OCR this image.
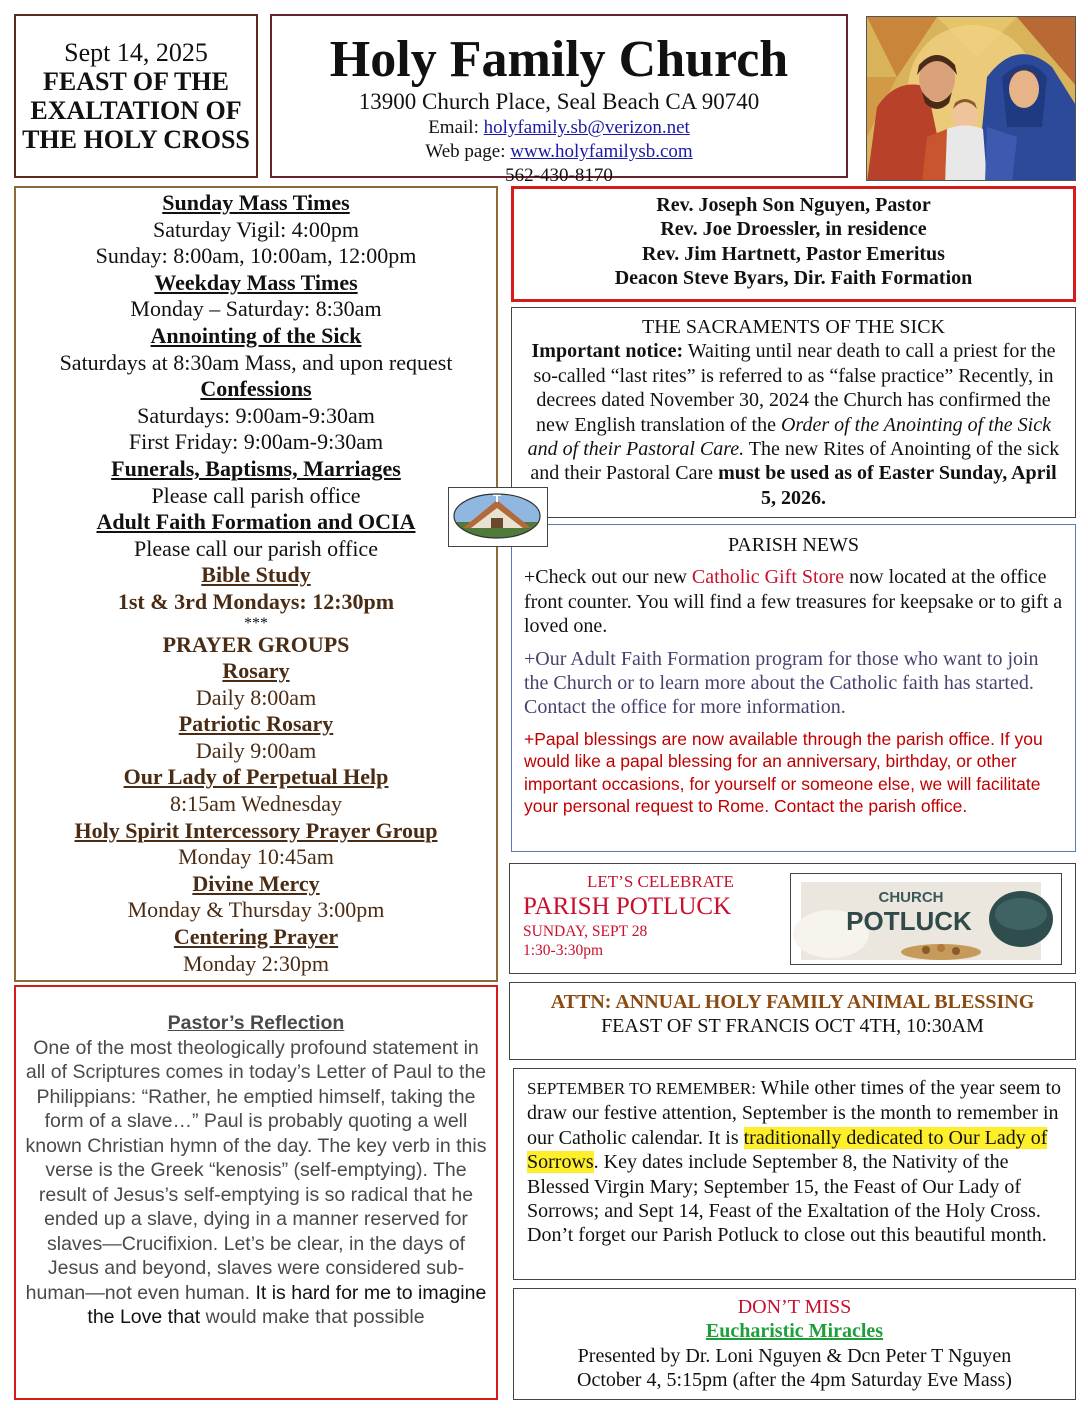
Sept 14, 2025
FEAST OF THE
EXALTATION OF
THE HOLY CROSS
Holy Family Church
13900 Church Place, Seal Beach CA 90740
Email: holyfamily.sb@verizon.net
Web page: www.holyfamilysb.com
562-430-8170
Sunday Mass Times
Saturday Vigil: 4:00pm
Sunday: 8:00am, 10:00am, 12:00pm
Weekday Mass Times
Monday – Saturday: 8:30am
Annointing of the Sick
Saturdays at 8:30am Mass, and upon request
Confessions
Saturdays: 9:00am-9:30am
First Friday: 9:00am-9:30am
Funerals, Baptisms, Marriages
Please call parish office
Adult Faith Formation and OCIA
Please call our parish office
Bible Study
1st & 3rd Mondays: 12:30pm
***
PRAYER GROUPS
Rosary
Daily 8:00am
Patriotic Rosary
Daily 9:00am
Our Lady of Perpetual Help
8:15am Wednesday
Holy Spirit Intercessory Prayer Group
Monday 10:45am
Divine Mercy
Monday & Thursday 3:00pm
Centering Prayer
Monday 2:30pm
Rev. Joseph Son Nguyen, Pastor
Rev. Joe Droessler, in residence
Rev. Jim Hartnett, Pastor Emeritus
Deacon Steve Byars, Dir. Faith Formation
THE SACRAMENTS OF THE SICK
Important notice: Waiting until near death to call a priest for the so-called “last rites” is referred to as “false practice” Recently, in decrees dated November 30, 2024 the Church has confirmed the new English translation of the Order of the Anointing of the Sick and of their Pastoral Care. The new Rites of Anointing of the sick and their Pastoral Care must be used as of Easter Sunday, April 5, 2026.
PARISH NEWS
+Check out our new Catholic Gift Store now located at the office front counter. You will find a few treasures for keepsake or to gift a loved one.
+Our Adult Faith Formation program for those who want to join the Church or to learn more about the Catholic faith has started. Contact the office for more information.
+Papal blessings are now available through the parish office. If you would like a papal blessing for an anniversary, birthday, or other important occasions, for yourself or someone else, we will facilitate your personal request to Rome. Contact the parish office.
LET’S CELEBRATE
PARISH POTLUCK
SUNDAY, SEPT 28
1:30-3:30pm
CHURCH
POTLUCK
ATTN: ANNUAL HOLY FAMILY ANIMAL BLESSING
FEAST OF ST FRANCIS OCT 4TH, 10:30AM
SEPTEMBER TO REMEMBER: While other times of the year seem to draw our festive attention, September is the month to remember in our Catholic calendar. It is traditionally dedicated to Our Lady of Sorrows. Key dates include September 8, the Nativity of the Blessed Virgin Mary; September 15, the Feast of Our Lady of Sorrows; and Sept 14, Feast of the Exaltation of the Holy Cross. Don’t forget our Parish Potluck to close out this beautiful month.
DON’T MISS
Eucharistic Miracles
Presented by Dr. Loni Nguyen & Dcn Peter T Nguyen
October 4, 5:15pm (after the 4pm Saturday Eve Mass)
Pastor’s Reflection
One of the most theologically profound statement in all of Scriptures comes in today’s Letter of Paul to the Philippians: “Rather, he emptied himself, taking the form of a slave…” Paul is probably quoting a well known Christian hymn of the day. The key verb in this verse is the Greek “kenosis” (self-emptying). The result of Jesus’s self-emptying is so radical that he ended up a slave, dying in a manner reserved for slaves—Crucifixion. Let’s be clear, in the days of Jesus and beyond, slaves were considered sub-human—not even human. It is hard for me to imagine the Love that would make that possible
